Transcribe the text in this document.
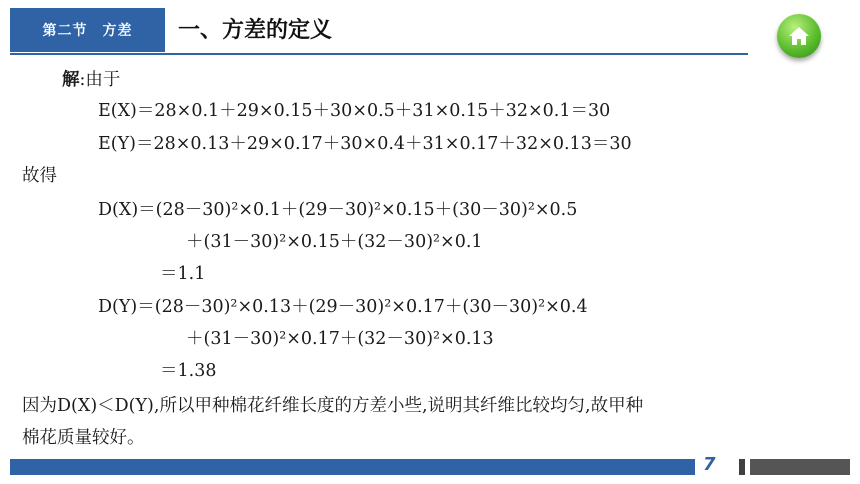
第二节　方差 一、方差的定义
解:由于
E(X)＝28×0.1＋29×0.15＋30×0.5＋31×0.15＋32×0.1＝30
E(Y)＝28×0.13＋29×0.17＋30×0.4＋31×0.17＋32×0.13＝30
故得
D(X)＝(28－30)²×0.1＋(29－30)²×0.15＋(30－30)²×0.5
＋(31－30)²×0.15＋(32－30)²×0.1
＝1.1
D(Y)＝(28－30)²×0.13＋(29－30)²×0.17＋(30－30)²×0.4
＋(31－30)²×0.17＋(32－30)²×0.13
＝1.38
因为D(X)＜D(Y),所以甲种棉花纤维长度的方差小些,说明其纤维比较均匀,故甲种
棉花质量较好。
7
